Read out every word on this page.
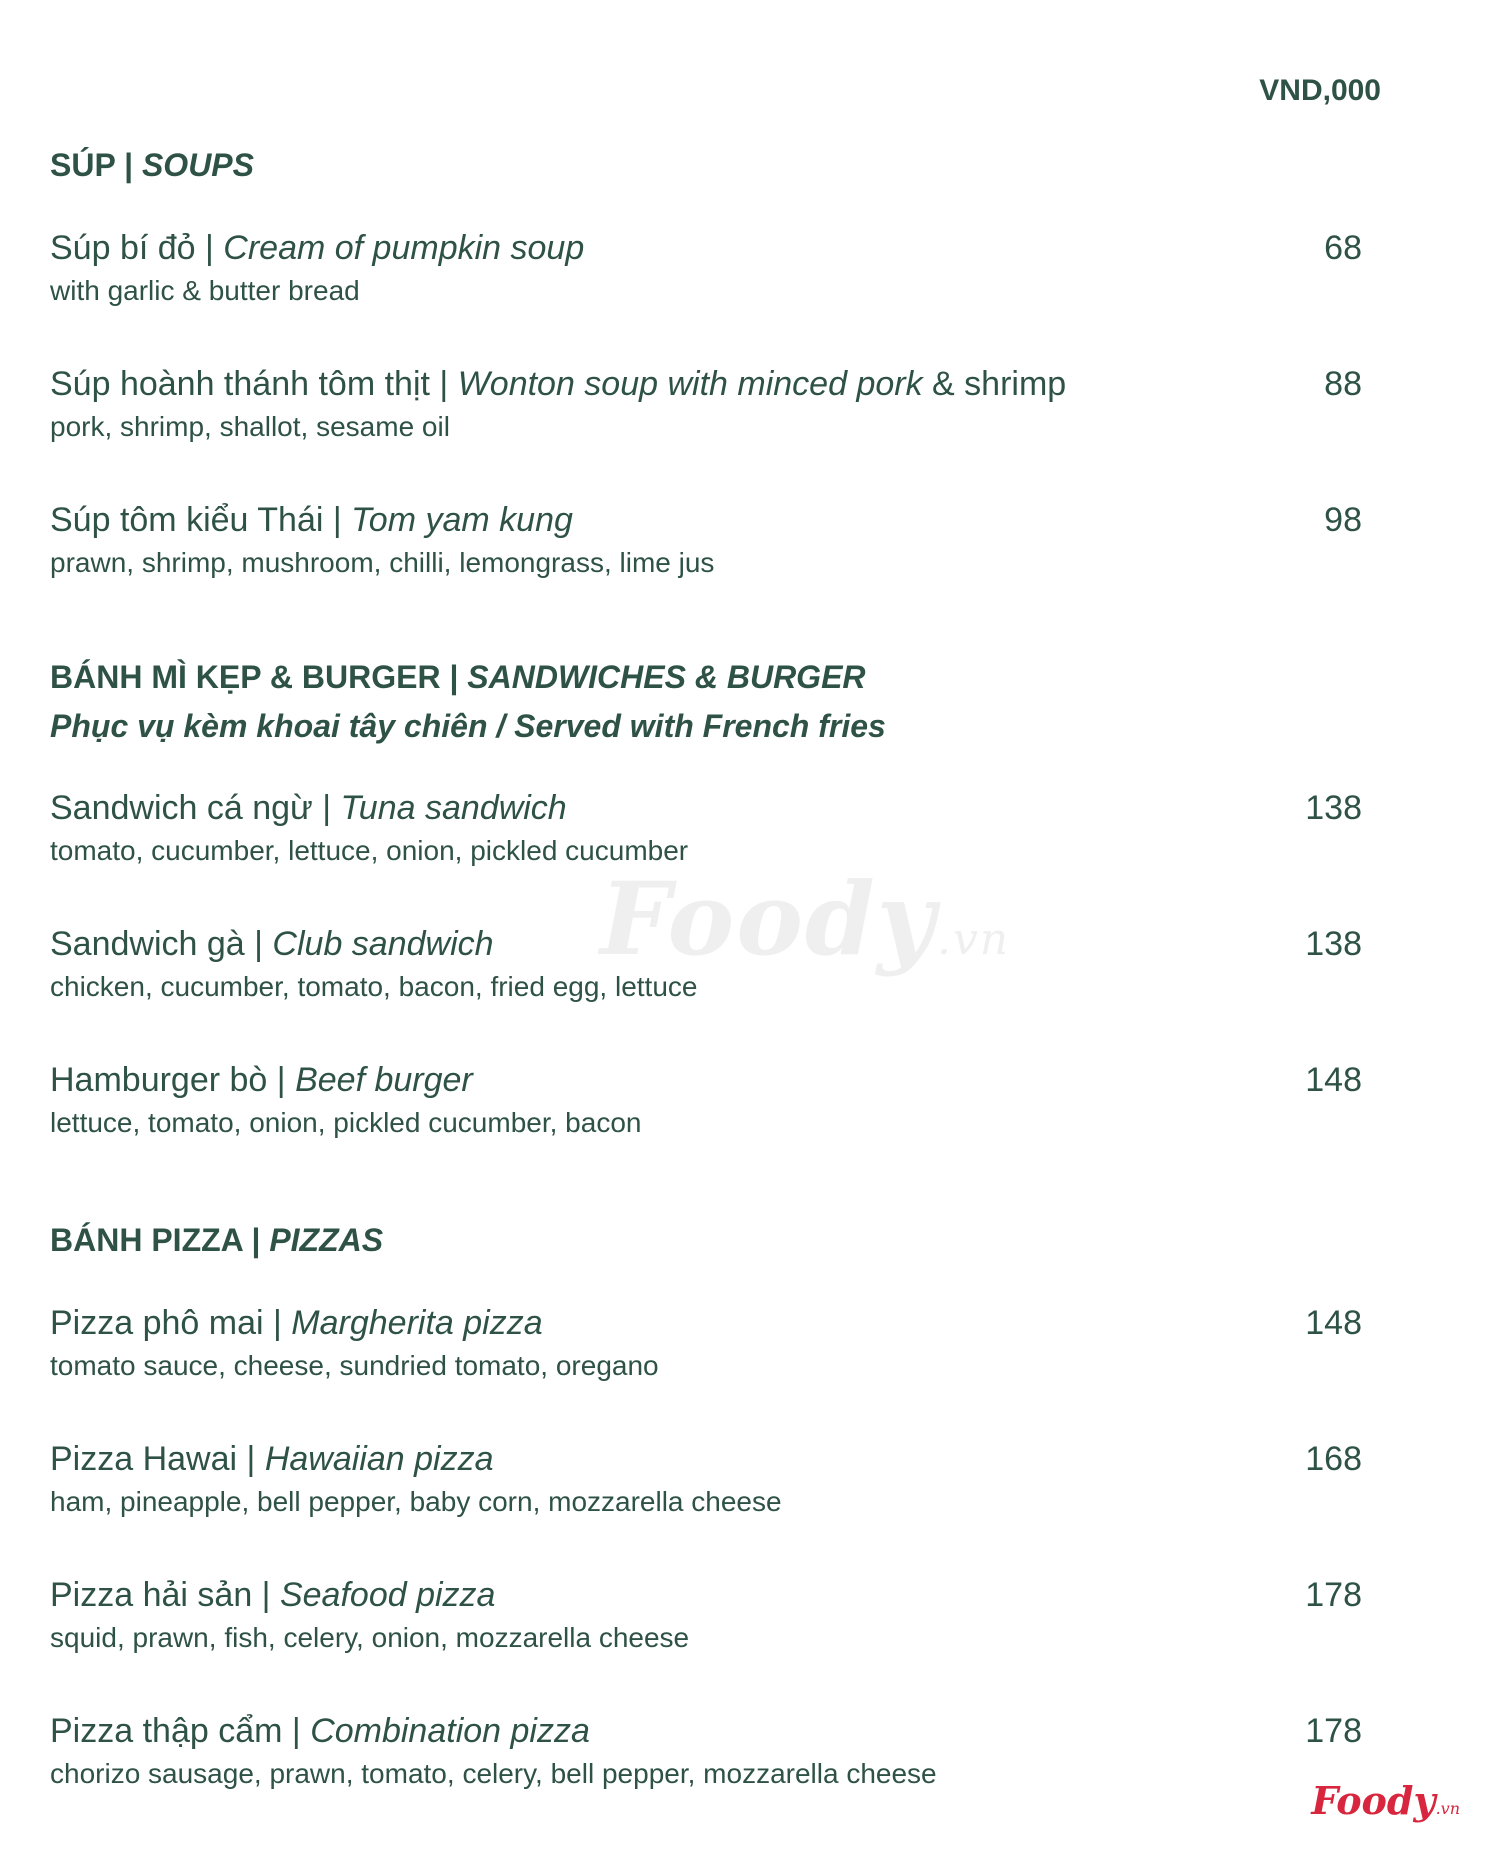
VND,000
SÚP | SOUPS
Súp bí đỏ | Cream of pumpkin soup
with garlic & butter bread
68
Súp hoành thánh tôm thịt | Wonton soup with minced pork & shrimp
pork, shrimp, shallot, sesame oil
88
Súp tôm kiểu Thái | Tom yam kung
prawn, shrimp, mushroom, chilli, lemongrass, lime jus
98
BÁNH MÌ KẸP & BURGER | SANDWICHES & BURGER
Phục vụ kèm khoai tây chiên / Served with French fries
Sandwich cá ngừ | Tuna sandwich
tomato, cucumber, lettuce, onion, pickled cucumber
138
Sandwich gà | Club sandwich
chicken, cucumber, tomato, bacon, fried egg, lettuce
138
Hamburger bò | Beef burger
lettuce, tomato, onion, pickled cucumber, bacon
148
BÁNH PIZZA | PIZZAS
Pizza phô mai | Margherita pizza
tomato sauce, cheese, sundried tomato, oregano
148
Pizza Hawai | Hawaiian pizza
ham, pineapple, bell pepper, baby corn, mozzarella cheese
168
Pizza hải sản | Seafood pizza
squid, prawn, fish, celery, onion, mozzarella cheese
178
Pizza thập cẩm | Combination pizza
chorizo sausage, prawn, tomato, celery, bell pepper, mozzarella cheese
178
Foody.vn
Foody.vn
